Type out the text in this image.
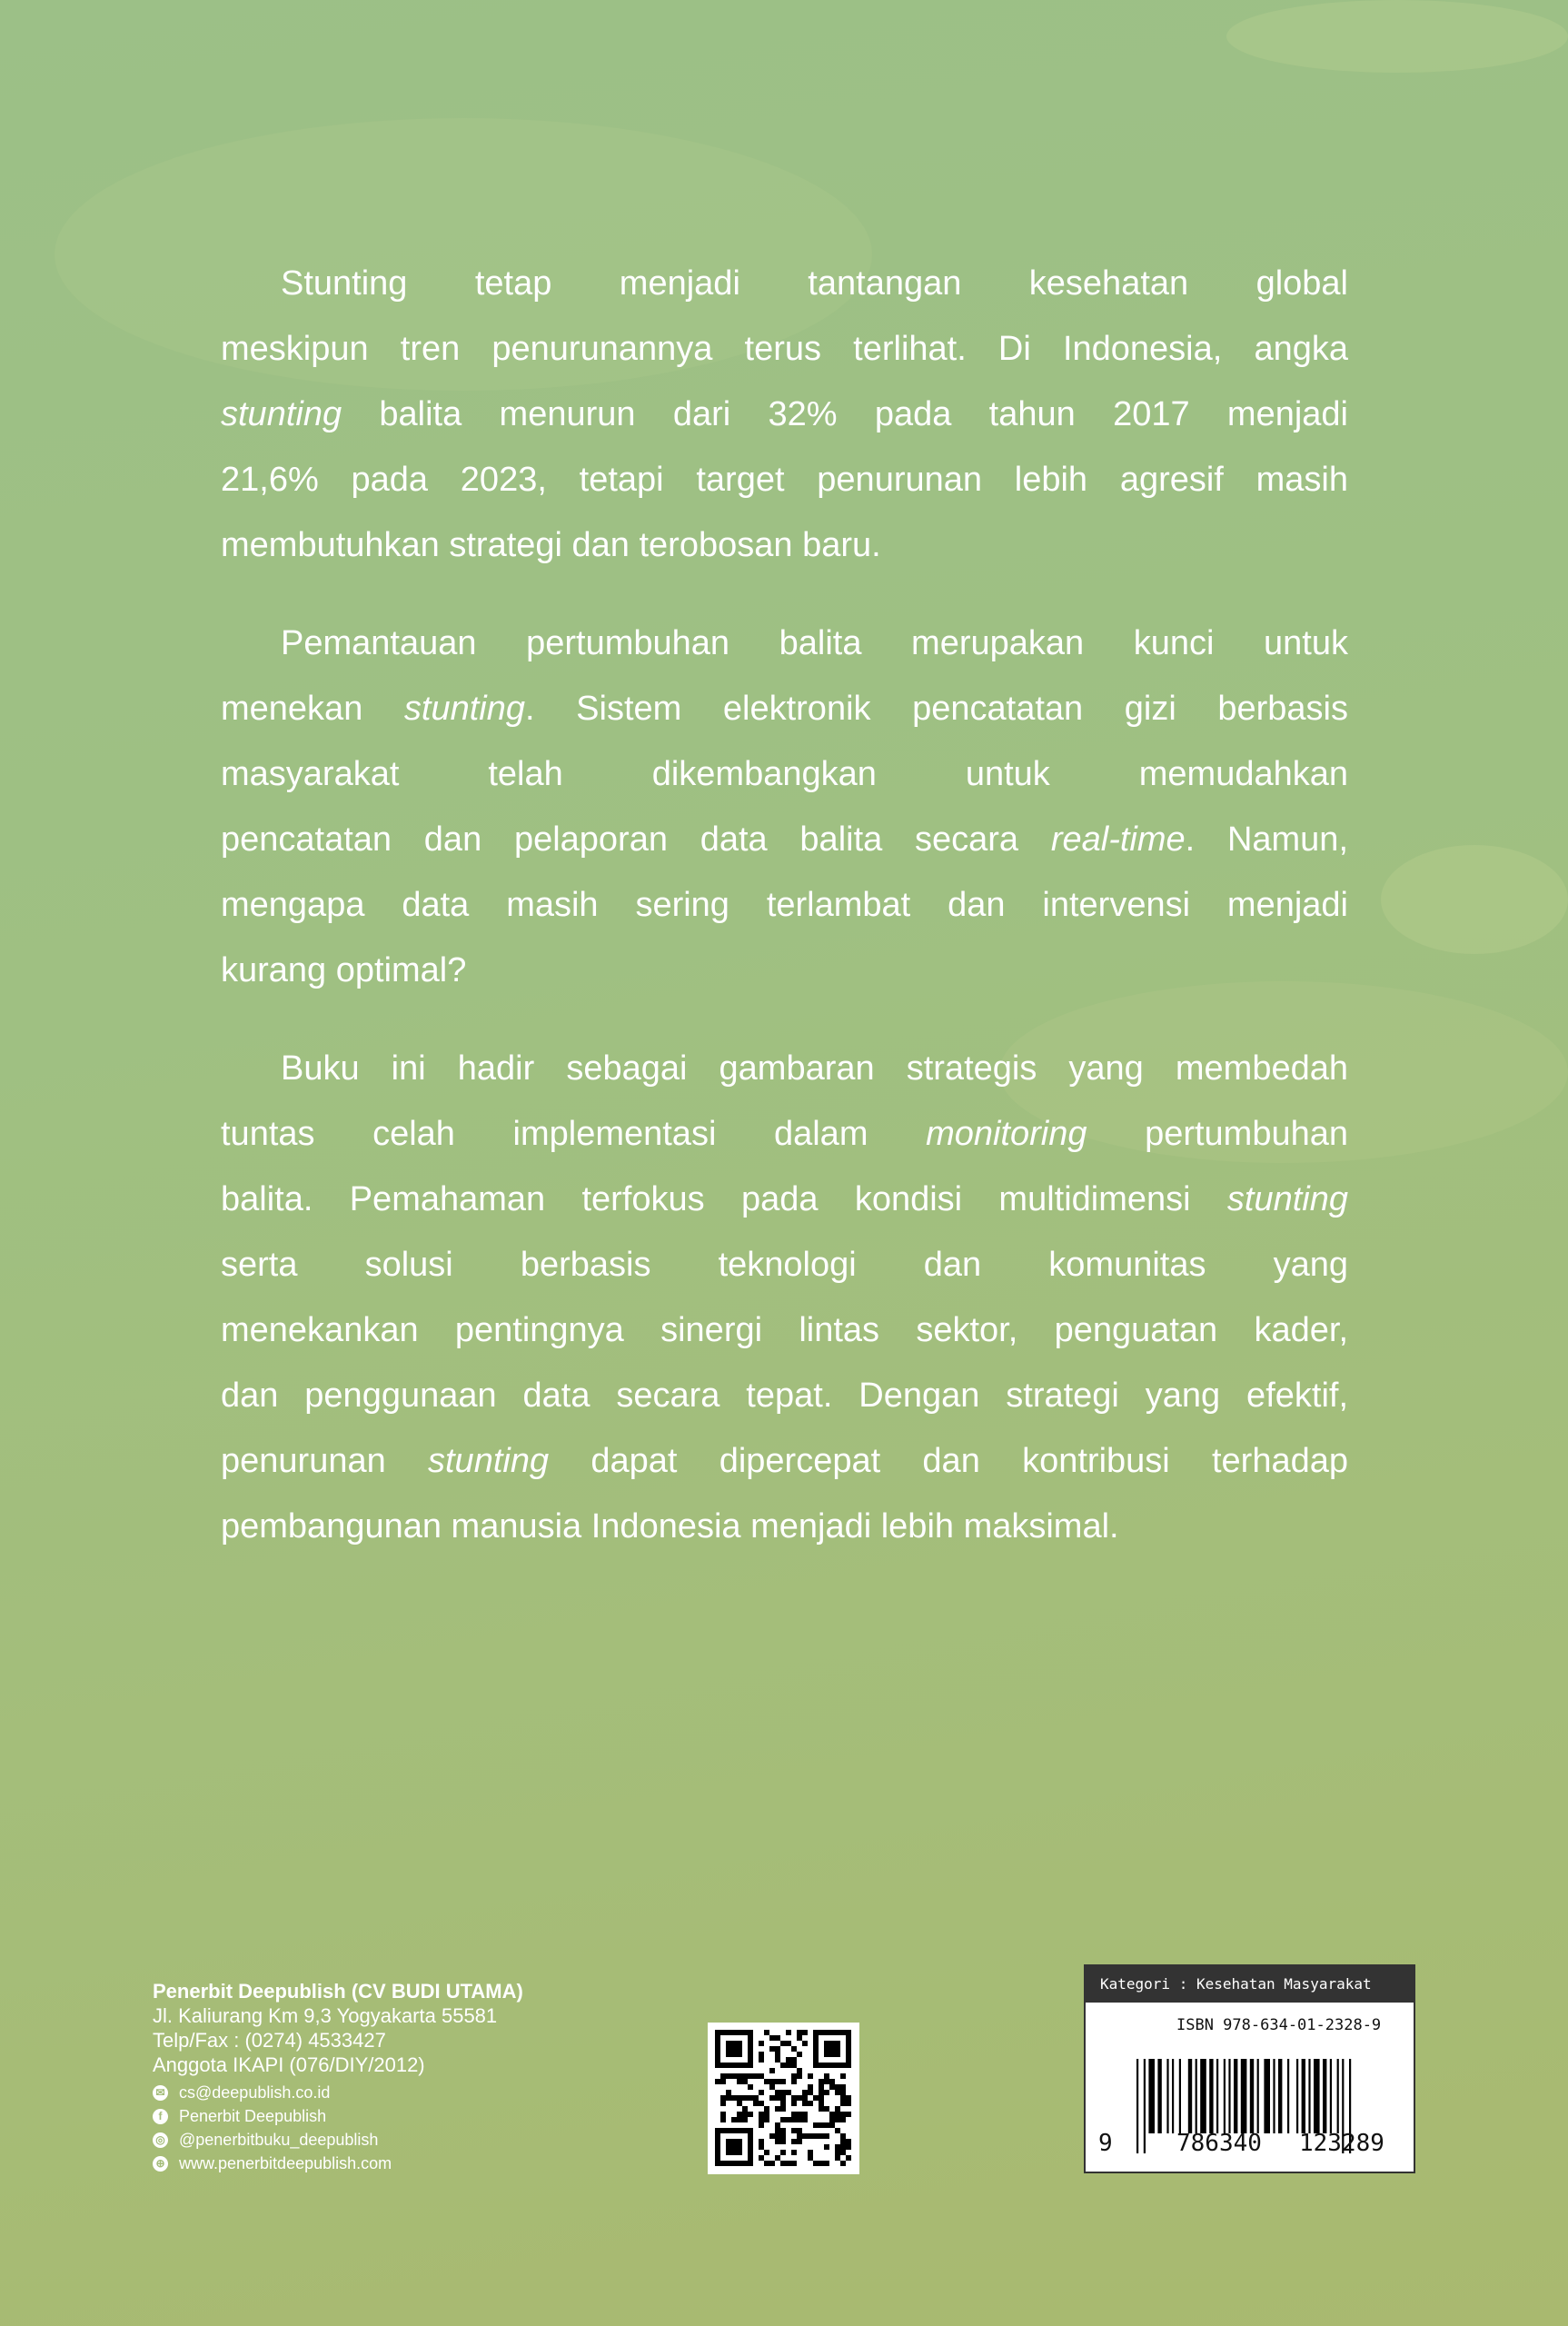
Stunting tetap menjadi tantangan kesehatan global
meskipun tren penurunannya terus terlihat. Di Indonesia, angka
stunting balita menurun dari 32% pada tahun 2017 menjadi
21,6% pada 2023, tetapi target penurunan lebih agresif masih
membutuhkan strategi dan terobosan baru.
Pemantauan pertumbuhan balita merupakan kunci untuk
menekan stunting. Sistem elektronik pencatatan gizi berbasis
masyarakat telah dikembangkan untuk memudahkan
pencatatan dan pelaporan data balita secara real-time. Namun,
mengapa data masih sering terlambat dan intervensi menjadi
kurang optimal?
Buku ini hadir sebagai gambaran strategis yang membedah
tuntas celah implementasi dalam monitoring pertumbuhan
balita. Pemahaman terfokus pada kondisi multidimensi stunting
serta solusi berbasis teknologi dan komunitas yang
menekankan pentingnya sinergi lintas sektor, penguatan kader,
dan penggunaan data secara tepat. Dengan strategi yang efektif,
penurunan stunting dapat dipercepat dan kontribusi terhadap
pembangunan manusia Indonesia menjadi lebih maksimal.
Penerbit Deepublish (CV BUDI UTAMA)
Jl. Kaliurang Km 9,3 Yogyakarta 55581
Telp/Fax : (0274) 4533427
Anggota IKAPI (076/DIY/2012)
✉ cs@deepublish.co.id
f	Penerbit Deepublish
◎ @penerbitbuku_deepublish
⊕ www.penerbitdeepublish.com
Kategori : Kesehatan Masyarakat
ISBN 978-634-01-2328-9
9	786340 123289
